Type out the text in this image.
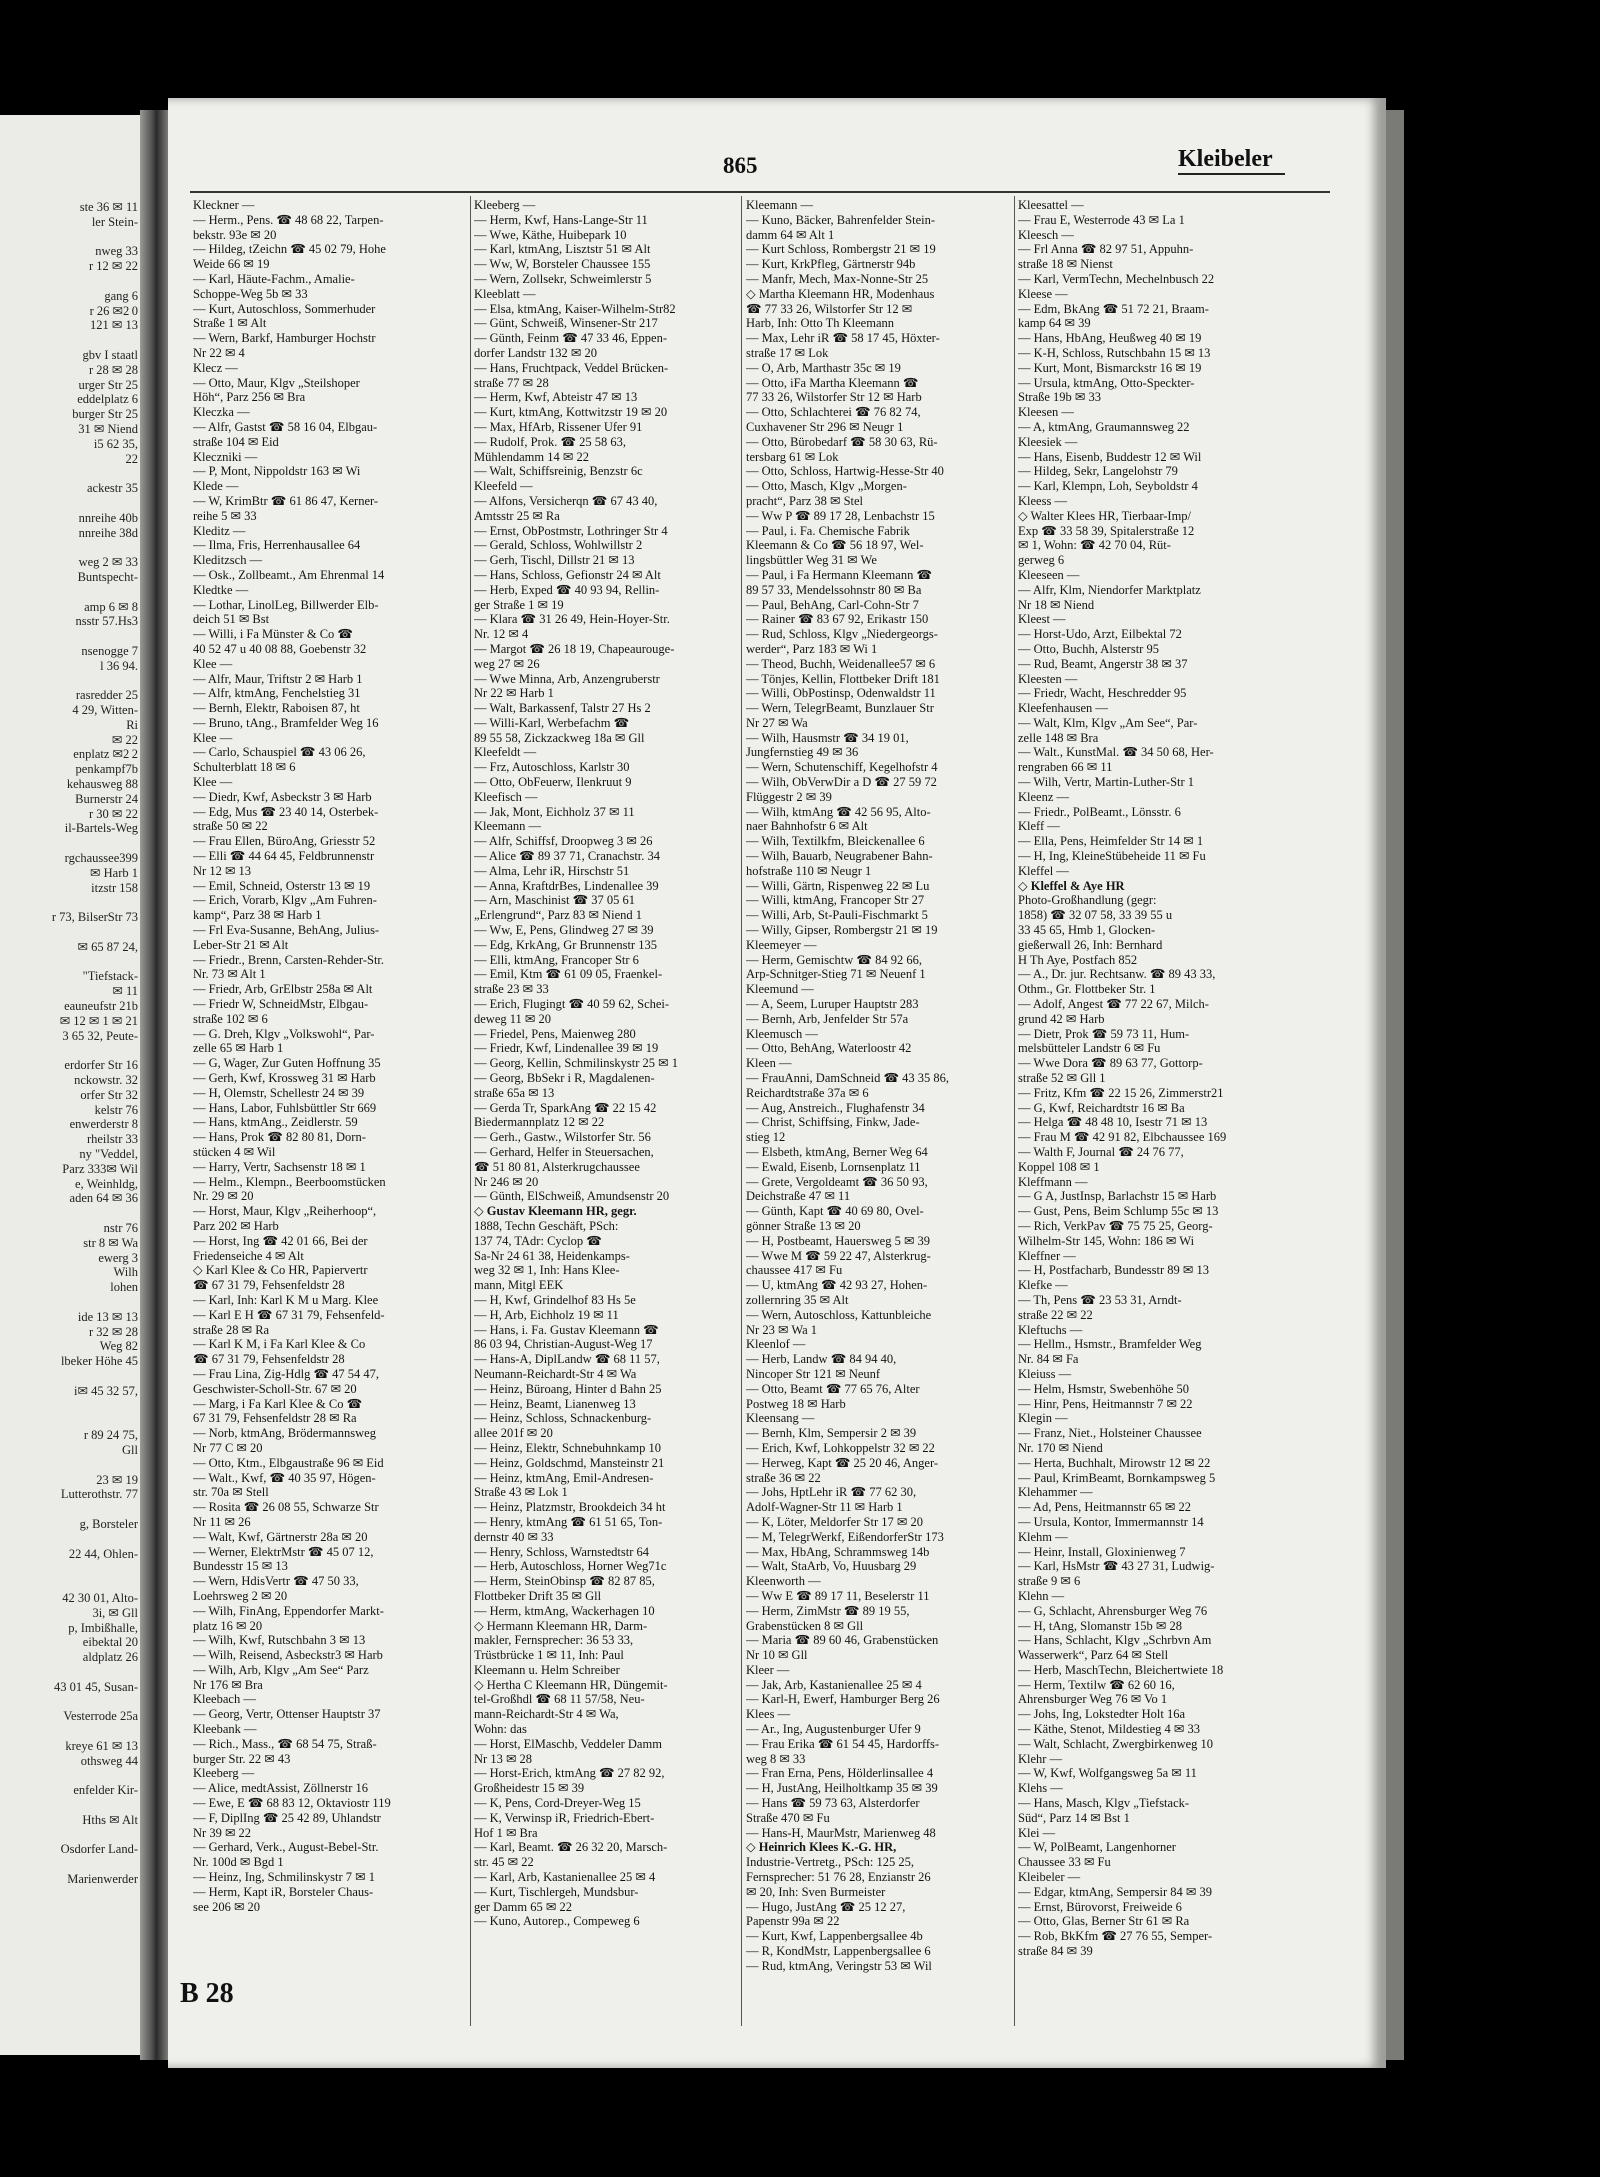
ste 36 ✉ 11
ler Stein-

nweg 33
r 12 ✉ 22

gang 6
r 26 ✉2 0
121 ✉ 13

gbv I staatl
r 28 ✉ 28
urger Str 25
eddelplatz 6
burger Str 25
31 ✉ Niend
i5 62 35,
22

ackestr 35

nnreihe 40b
nnreihe 38d

weg 2 ✉ 33
Buntspecht-

amp 6 ✉ 8
nsstr 57.Hs3

nsenogge 7
l 36 94.

rasredder 25
4 29, Witten-
Ri
✉ 22
enplatz ✉2 2
penkampf7b
kehausweg 88
Burnerstr 24
r 30 ✉ 22
il-Bartels-Weg

rgchaussee399
✉ Harb 1
itzstr 158

r 73, BilserStr 73

✉ 65 87 24,

"Tiefstack-
✉ 11
eauneufstr 21b
✉ 12 ✉ 1 ✉ 21
3 65 32, Peute-

erdorfer Str 16
nckowstr. 32
orfer Str 32
kelstr 76
enwerderstr 8
rheilstr 33
ny "Veddel,
Parz 333✉ Wil
e, Weinhldg,
aden 64 ✉ 36

nstr 76
str 8 ✉ Wa
ewerg 3
Wilh
lohen

ide 13 ✉ 13
r 32 ✉ 28
Weg 82
lbeker Höhe 45

i✉ 45 32 57,

r 89 24 75,
Gll

23 ✉ 19
Lutterothstr. 77

g, Borsteler

22 44, Ohlen-

42 30 01, Alto-
3i, ✉ Gll
p, Imbißhalle,
eibektal 20
aldplatz 26

43 01 45, Susan-

Vesterrode 25a

kreye 61 ✉ 13
othsweg 44

enfelder Kir-

Hths ✉ Alt

Osdorfer Land-

Marienwerder
865	Kleibeler
Kleckner —
— Herm., Pens. ☎ 48 68 22, Tarpen-
bekstr. 93e ✉ 20
— Hildeg, tZeichn ☎ 45 02 79, Hohe
Weide 66 ✉ 19
— Karl, Häute-Fachm., Amalie-
Schoppe-Weg 5b ✉ 33
— Kurt, Autoschloss, Sommerhuder
Straße 1 ✉ Alt
— Wern, Barkf, Hamburger Hochstr
Nr 22 ✉ 4
Klecz —
— Otto, Maur, Klgv „Steilshoper
Höh“, Parz 256 ✉ Bra
Kleczka —
— Alfr, Gastst ☎ 58 16 04, Elbgau-
straße 104 ✉ Eid
Kleczniki —
— P, Mont, Nippoldstr 163 ✉ Wi
Klede —
— W, KrimBtr ☎ 61 86 47, Kerner-
reihe 5 ✉ 33
Kleditz —
— Ilma, Fris, Herrenhausallee 64
Kleditzsch —
— Osk., Zollbeamt., Am Ehrenmal 14
Kledtke —
— Lothar, LinolLeg, Billwerder Elb-
deich 51 ✉ Bst
— Willi, i Fa Münster & Co ☎
40 52 47 u 40 08 88, Goebenstr 32
Klee —
— Alfr, Maur, Triftstr 2 ✉ Harb 1
— Alfr, ktmAng, Fenchelstieg 31
— Bernh, Elektr, Raboisen 87, ht
— Bruno, tAng., Bramfelder Weg 16
Klee —
— Carlo, Schauspiel ☎ 43 06 26,
Schulterblatt 18 ✉ 6
Klee —
— Diedr, Kwf, Asbeckstr 3 ✉ Harb
— Edg, Mus ☎ 23 40 14, Osterbek-
straße 50 ✉ 22
— Frau Ellen, BüroAng, Griesstr 52
— Elli ☎ 44 64 45, Feldbrunnenstr
Nr 12 ✉ 13
— Emil, Schneid, Osterstr 13 ✉ 19
— Erich, Vorarb, Klgv „Am Fuhren-
kamp“, Parz 38 ✉ Harb 1
— Frl Eva-Susanne, BehAng, Julius-
Leber-Str 21 ✉ Alt
— Friedr., Brenn, Carsten-Rehder-Str.
Nr. 73 ✉ Alt 1
— Friedr, Arb, GrElbstr 258a ✉ Alt
— Friedr W, SchneidMstr, Elbgau-
straße 102 ✉ 6
— G. Dreh, Klgv „Volkswohl“, Par-
zelle 65 ✉ Harb 1
— G, Wager, Zur Guten Hoffnung 35
— Gerh, Kwf, Krossweg 31 ✉ Harb
— H, Olemstr, Schellestr 24 ✉ 39
— Hans, Labor, Fuhlsbüttler Str 669
— Hans, ktmAng., Zeidlerstr. 59
— Hans, Prok ☎ 82 80 81, Dorn-
stücken 4 ✉ Wil
— Harry, Vertr, Sachsenstr 18 ✉ 1
— Helm., Klempn., Beerboomstücken
Nr. 29 ✉ 20
— Horst, Maur, Klgv „Reiherhoop“,
Parz 202 ✉ Harb
— Horst, Ing ☎ 42 01 66, Bei der
Friedenseiche 4 ✉ Alt
◇ Karl Klee & Co HR, Papiervertr
☎ 67 31 79, Fehsenfeldstr 28
— Karl, Inh: Karl K M u Marg. Klee
— Karl E H ☎ 67 31 79, Fehsenfeld-
straße 28 ✉ Ra
— Karl K M, i Fa Karl Klee & Co
☎ 67 31 79, Fehsenfeldstr 28
— Frau Lina, Zig-Hdlg ☎ 47 54 47,
Geschwister-Scholl-Str. 67 ✉ 20
— Marg, i Fa Karl Klee & Co ☎
67 31 79, Fehsenfeldstr 28 ✉ Ra
— Norb, ktmAng, Brödermannsweg
Nr 77 C ✉ 20
— Otto, Ktm., Elbgaustraße 96 ✉ Eid
— Walt., Kwf, ☎ 40 35 97, Högen-
str. 70a ✉ Stell
— Rosita ☎ 26 08 55, Schwarze Str
Nr 11 ✉ 26
— Walt, Kwf, Gärtnerstr 28a ✉ 20
— Werner, ElektrMstr ☎ 45 07 12,
Bundesstr 15 ✉ 13
— Wern, HdisVertr ☎ 47 50 33,
Loehrsweg 2 ✉ 20
— Wilh, FinAng, Eppendorfer Markt-
platz 16 ✉ 20
— Wilh, Kwf, Rutschbahn 3 ✉ 13
— Wilh, Reisend, Asbeckstr3 ✉ Harb
— Wilh, Arb, Klgv „Am See“ Parz
Nr 176 ✉ Bra
Kleebach —
— Georg, Vertr, Ottenser Hauptstr 37
Kleebank —
— Rich., Mass., ☎ 68 54 75, Straß-
burger Str. 22 ✉ 43
Kleeberg —
— Alice, medtAssist, Zöllnerstr 16
— Ewe, E ☎ 68 83 12, Oktaviostr 119
— F, DiplIng ☎ 25 42 89, Uhlandstr
Nr 39 ✉ 22
— Gerhard, Verk., August-Bebel-Str.
Nr. 100d ✉ Bgd 1
— Heinz, Ing, Schmilinskystr 7 ✉ 1
— Herm, Kapt iR, Borsteler Chaus-
see 206 ✉ 20
Kleeberg —
— Herm, Kwf, Hans-Lange-Str 11
— Wwe, Käthe, Huibepark 10
— Karl, ktmAng, Lisztstr 51 ✉ Alt
— Ww, W, Borsteler Chaussee 155
— Wern, Zollsekr, Schweimlerstr 5
Kleeblatt —
— Elsa, ktmAng, Kaiser-Wilhelm-Str82
— Günt, Schweiß, Winsener-Str 217
— Günth, Feinm ☎ 47 33 46, Eppen-
dorfer Landstr 132 ✉ 20
— Hans, Fruchtpack, Veddel Brücken-
straße 77 ✉ 28
— Herm, Kwf, Abteistr 47 ✉ 13
— Kurt, ktmAng, Kottwitzstr 19 ✉ 20
— Max, HfArb, Rissener Ufer 91
— Rudolf, Prok. ☎ 25 58 63,
Mühlendamm 14 ✉ 22
— Walt, Schiffsreinig, Benzstr 6c
Kleefeld —
— Alfons, Versicherqn ☎ 67 43 40,
Amtsstr 25 ✉ Ra
— Ernst, ObPostmstr, Lothringer Str 4
— Gerald, Schloss, Wohlwillstr 2
— Gerh, Tischl, Dillstr 21 ✉ 13
— Hans, Schloss, Gefionstr 24 ✉ Alt
— Herb, Exped ☎ 40 93 94, Rellin-
ger Straße 1 ✉ 19
— Klara ☎ 31 26 49, Hein-Hoyer-Str.
Nr. 12 ✉ 4
— Margot ☎ 26 18 19, Chapeaurouge-
weg 27 ✉ 26
— Wwe Minna, Arb, Anzengruberstr
Nr 22 ✉ Harb 1
— Walt, Barkassenf, Talstr 27 Hs 2
— Willi-Karl, Werbefachm ☎
89 55 58, Zickzackweg 18a ✉ Gll
Kleefeldt —
— Frz, Autoschloss, Karlstr 30
— Otto, ObFeuerw, Ilenkruut 9
Kleefisch —
— Jak, Mont, Eichholz 37 ✉ 11
Kleemann —
— Alfr, Schiffsf, Droopweg 3 ✉ 26
— Alice ☎ 89 37 71, Cranachstr. 34
— Alma, Lehr iR, Hirschstr 51
— Anna, KraftdrBes, Lindenallee 39
— Arn, Maschinist ☎ 37 05 61
„Erlengrund“, Parz 83 ✉ Niend 1
— Ww, E, Pens, Glindweg 27 ✉ 39
— Edg, KrkAng, Gr Brunnenstr 135
— Elli, ktmAng, Francoper Str 6
— Emil, Ktm ☎ 61 09 05, Fraenkel-
straße 23 ✉ 33
— Erich, Flugingt ☎ 40 59 62, Schei-
deweg 11 ✉ 20
— Friedel, Pens, Maienweg 280
— Friedr, Kwf, Lindenallee 39 ✉ 19
— Georg, Kellin, Schmilinskystr 25 ✉ 1
— Georg, BbSekr i R, Magdalenen-
straße 65a ✉ 13
— Gerda Tr, SparkAng ☎ 22 15 42
Biedermannplatz 12 ✉ 22
— Gerh., Gastw., Wilstorfer Str. 56
— Gerhard, Helfer in Steuersachen,
☎ 51 80 81, Alsterkrugchaussee
Nr 246 ✉ 20
— Günth, ElSchweiß, Amundsenstr 20
◇ Gustav Kleemann HR, gegr.
1888, Techn Geschäft, PSch:
137 74, TAdr: Cyclop ☎
Sa-Nr 24 61 38, Heidenkamps-
weg 32 ✉ 1, Inh: Hans Klee-
mann, Mitgl EEK
— H, Kwf, Grindelhof 83 Hs 5e
— H, Arb, Eichholz 19 ✉ 11
— Hans, i. Fa. Gustav Kleemann ☎
86 03 94, Christian-August-Weg 17
— Hans-A, DiplLandw ☎ 68 11 57,
Neumann-Reichardt-Str 4 ✉ Wa
— Heinz, Büroang, Hinter d Bahn 25
— Heinz, Beamt, Lianenweg 13
— Heinz, Schloss, Schnackenburg-
allee 201f ✉ 20
— Heinz, Elektr, Schnebuhnkamp 10
— Heinz, Goldschmd, Mansteinstr 21
— Heinz, ktmAng, Emil-Andresen-
Straße 43 ✉ Lok 1
— Heinz, Platzmstr, Brookdeich 34 ht
— Henry, ktmAng ☎ 61 51 65, Ton-
dernstr 40 ✉ 33
— Henry, Schloss, Warnstedtstr 64
— Herb, Autoschloss, Horner Weg71c
— Herm, SteinObinsp ☎ 82 87 85,
Flottbeker Drift 35 ✉ Gll
— Herm, ktmAng, Wackerhagen 10
◇ Hermann Kleemann HR, Darm-
makler, Fernsprecher: 36 53 33,
Trüstbrücke 1 ✉ 11, Inh: Paul
Kleemann u. Helm Schreiber
◇ Hertha C Kleemann HR, Düngemit-
tel-Großhdl ☎ 68 11 57/58, Neu-
mann-Reichardt-Str 4 ✉ Wa,
Wohn: das
— Horst, ElMaschb, Veddeler Damm
Nr 13 ✉ 28
— Horst-Erich, ktmAng ☎ 27 82 92,
Großheidestr 15 ✉ 39
— K, Pens, Cord-Dreyer-Weg 15
— K, Verwinsp iR, Friedrich-Ebert-
Hof 1 ✉ Bra
— Karl, Beamt. ☎ 26 32 20, Marsch-
str. 45 ✉ 22
— Karl, Arb, Kastanienallee 25 ✉ 4
— Kurt, Tischlergeh, Mundsbur-
ger Damm 65 ✉ 22
— Kuno, Autorep., Compeweg 6
Kleemann —
— Kuno, Bäcker, Bahrenfelder Stein-
damm 64 ✉ Alt 1
— Kurt Schloss, Rombergstr 21 ✉ 19
— Kurt, KrkPfleg, Gärtnerstr 94b
— Manfr, Mech, Max-Nonne-Str 25
◇ Martha Kleemann HR, Modenhaus
☎ 77 33 26, Wilstorfer Str 12 ✉
Harb, Inh: Otto Th Kleemann
— Max, Lehr iR ☎ 58 17 45, Höxter-
straße 17 ✉ Lok
— O, Arb, Marthastr 35c ✉ 19
— Otto, iFa Martha Kleemann ☎
77 33 26, Wilstorfer Str 12 ✉ Harb
— Otto, Schlachterei ☎ 76 82 74,
Cuxhavener Str 296 ✉ Neugr 1
— Otto, Bürobedarf ☎ 58 30 63, Rü-
tersbarg 61 ✉ Lok
— Otto, Schloss, Hartwig-Hesse-Str 40
— Otto, Masch, Klgv „Morgen-
pracht“, Parz 38 ✉ Stel
— Ww P ☎ 89 17 28, Lenbachstr 15
— Paul, i. Fa. Chemische Fabrik
Kleemann & Co ☎ 56 18 97, Wel-
lingsbüttler Weg 31 ✉ We
— Paul, i Fa Hermann Kleemann ☎
89 57 33, Mendelssohnstr 80 ✉ Ba
— Paul, BehAng, Carl-Cohn-Str 7
— Rainer ☎ 83 67 92, Erikastr 150
— Rud, Schloss, Klgv „Niedergeorgs-
werder“, Parz 183 ✉ Wi 1
— Theod, Buchh, Weidenallee57 ✉ 6
— Tönjes, Kellin, Flottbeker Drift 181
— Willi, ObPostinsp, Odenwaldstr 11
— Wern, TelegrBeamt, Bunzlauer Str
Nr 27 ✉ Wa
— Wilh, Hausmstr ☎ 34 19 01,
Jungfernstieg 49 ✉ 36
— Wern, Schutenschiff, Kegelhofstr 4
— Wilh, ObVerwDir a D ☎ 27 59 72
Flüggestr 2 ✉ 39
— Wilh, ktmAng ☎ 42 56 95, Alto-
naer Bahnhofstr 6 ✉ Alt
— Wilh, Textilkfm, Bleickenallee 6
— Wilh, Bauarb, Neugrabener Bahn-
hofstraße 110 ✉ Neugr 1
— Willi, Gärtn, Rispenweg 22 ✉ Lu
— Willi, ktmAng, Francoper Str 27
— Willi, Arb, St-Pauli-Fischmarkt 5
— Willy, Gipser, Rombergstr 21 ✉ 19
Kleemeyer —
— Herm, Gemischtw ☎ 84 92 66,
Arp-Schnitger-Stieg 71 ✉ Neuenf 1
Kleemund —
— A, Seem, Luruper Hauptstr 283
— Bernh, Arb, Jenfelder Str 57a
Kleemusch —
— Otto, BehAng, Waterloostr 42
Kleen —
— FrauAnni, DamSchneid ☎ 43 35 86,
Reichardtstraße 37a ✉ 6
— Aug, Anstreich., Flughafenstr 34
— Christ, Schiffsing, Finkw, Jade-
stieg 12
— Elsbeth, ktmAng, Berner Weg 64
— Ewald, Eisenb, Lornsenplatz 11
— Grete, Vergoldeamt ☎ 36 50 93,
Deichstraße 47 ✉ 11
— Günth, Kapt ☎ 40 69 80, Ovel-
gönner Straße 13 ✉ 20
— H, Postbeamt, Hauersweg 5 ✉ 39
— Wwe M ☎ 59 22 47, Alsterkrug-
chaussee 417 ✉ Fu
— U, ktmAng ☎ 42 93 27, Hohen-
zollernring 35 ✉ Alt
— Wern, Autoschloss, Kattunbleiche
Nr 23 ✉ Wa 1
Kleenlof —
— Herb, Landw ☎ 84 94 40,
Nincoper Str 121 ✉ Neunf
— Otto, Beamt ☎ 77 65 76, Alter
Postweg 18 ✉ Harb
Kleensang —
— Bernh, Klm, Sempersir 2 ✉ 39
— Erich, Kwf, Lohkoppelstr 32 ✉ 22
— Herweg, Kapt ☎ 25 20 46, Anger-
straße 36 ✉ 22
— Johs, HptLehr iR ☎ 77 62 30,
Adolf-Wagner-Str 11 ✉ Harb 1
— K, Löter, Meldorfer Str 17 ✉ 20
— M, TelegrWerkf, EißendorferStr 173
— Max, HbAng, Schrammsweg 14b
— Walt, StaArb, Vo, Huusbarg 29
Kleenworth —
— Ww E ☎ 89 17 11, Beselerstr 11
— Herm, ZimMstr ☎ 89 19 55,
Grabenstücken 8 ✉ Gll
— Maria ☎ 89 60 46, Grabenstücken
Nr 10 ✉ Gll
Kleer —
— Jak, Arb, Kastanienallee 25 ✉ 4
— Karl-H, Ewerf, Hamburger Berg 26
Klees —
— Ar., Ing, Augustenburger Ufer 9
— Frau Erika ☎ 61 54 45, Hardorffs-
weg 8 ✉ 33
— Fran Erna, Pens, Hölderlinsallee 4
— H, JustAng, Heilholtkamp 35 ✉ 39
— Hans ☎ 59 73 63, Alsterdorfer
Straße 470 ✉ Fu
— Hans-H, MaurMstr, Marienweg 48
◇ Heinrich Klees K.-G. HR,
Industrie-Vertretg., PSch: 125 25,
Fernsprecher: 51 76 28, Enzianstr 26
✉ 20, Inh: Sven Burmeister
— Hugo, JustAng ☎ 25 12 27,
Papenstr 99a ✉ 22
— Kurt, Kwf, Lappenbergsallee 4b
— R, KondMstr, Lappenbergsallee 6
— Rud, ktmAng, Veringstr 53 ✉ Wil
Kleesattel —
— Frau E, Westerrode 43 ✉ La 1
Kleesch —
— Frl Anna ☎ 82 97 51, Appuhn-
straße 18 ✉ Nienst
— Karl, VermTechn, Mechelnbusch 22
Kleese —
— Edm, BkAng ☎ 51 72 21, Braam-
kamp 64 ✉ 39
— Hans, HbAng, Heußweg 40 ✉ 19
— K-H, Schloss, Rutschbahn 15 ✉ 13
— Kurt, Mont, Bismarckstr 16 ✉ 19
— Ursula, ktmAng, Otto-Speckter-
Straße 19b ✉ 33
Kleesen —
— A, ktmAng, Graumannsweg 22
Kleesiek —
— Hans, Eisenb, Buddestr 12 ✉ Wil
— Hildeg, Sekr, Langelohstr 79
— Karl, Klempn, Loh, Seyboldstr 4
Kleess —
◇ Walter Klees HR, Tierbaar-Imp/
Exp ☎ 33 58 39, Spitalerstraße 12
✉ 1, Wohn: ☎ 42 70 04, Rüt-
gerweg 6
Kleeseen —
— Alfr, Klm, Niendorfer Marktplatz
Nr 18 ✉ Niend
Kleest —
— Horst-Udo, Arzt, Eilbektal 72
— Otto, Buchh, Alsterstr 95
— Rud, Beamt, Angerstr 38 ✉ 37
Kleesten —
— Friedr, Wacht, Heschredder 95
Kleefenhausen —
— Walt, Klm, Klgv „Am See“, Par-
zelle 148 ✉ Bra
— Walt., KunstMal. ☎ 34 50 68, Her-
rengraben 66 ✉ 11
— Wilh, Vertr, Martin-Luther-Str 1
Kleenz —
— Friedr., PolBeamt., Lönsstr. 6
Kleff —
— Ella, Pens, Heimfelder Str 14 ✉ 1
— H, Ing, KleineStübeheide 11 ✉ Fu
Kleffel —
◇ Kleffel & Aye HR
Photo-Großhandlung (gegr:
1858) ☎ 32 07 58, 33 39 55 u
33 45 65, Hmb 1, Glocken-
gießerwall 26, Inh: Bernhard
H Th Aye, Postfach 852
— A., Dr. jur. Rechtsanw. ☎ 89 43 33,
Othm., Gr. Flottbeker Str. 1
— Adolf, Angest ☎ 77 22 67, Milch-
grund 42 ✉ Harb
— Dietr, Prok ☎ 59 73 11, Hum-
melsbütteler Landstr 6 ✉ Fu
— Wwe Dora ☎ 89 63 77, Gottorp-
straße 52 ✉ Gll 1
— Fritz, Kfm ☎ 22 15 26, Zimmerstr21
— G, Kwf, Reichardtstr 16 ✉ Ba
— Helga ☎ 48 48 10, Isestr 71 ✉ 13
— Frau M ☎ 42 91 82, Elbchaussee 169
— Walth F, Journal ☎ 24 76 77,
Koppel 108 ✉ 1
Kleffmann —
— G A, JustInsp, Barlachstr 15 ✉ Harb
— Gust, Pens, Beim Schlump 55c ✉ 13
— Rich, VerkPav ☎ 75 75 25, Georg-
Wilhelm-Str 145, Wohn: 186 ✉ Wi
Kleffner —
— H, Postfacharb, Bundesstr 89 ✉ 13
Klefke —
— Th, Pens ☎ 23 53 31, Arndt-
straße 22 ✉ 22
Kleftuchs —
— Hellm., Hsmstr., Bramfelder Weg
Nr. 84 ✉ Fa
Kleiuss —
— Helm, Hsmstr, Swebenhöhe 50
— Hinr, Pens, Heitmannstr 7 ✉ 22
Klegin —
— Franz, Niet., Holsteiner Chaussee
Nr. 170 ✉ Niend
— Herta, Buchhalt, Mirowstr 12 ✉ 22
— Paul, KrimBeamt, Bornkampsweg 5
Klehammer —
— Ad, Pens, Heitmannstr 65 ✉ 22
— Ursula, Kontor, Immermannstr 14
Klehm —
— Heinr, Install, Gloxinienweg 7
— Karl, HsMstr ☎ 43 27 31, Ludwig-
straße 9 ✉ 6
Klehn —
— G, Schlacht, Ahrensburger Weg 76
— H, tAng, Slomanstr 15b ✉ 28
— Hans, Schlacht, Klgv „Schrbvn Am
Wasserwerk“, Parz 64 ✉ Stell
— Herb, MaschTechn, Bleichertwiete 18
— Herm, Textilw ☎ 62 60 16,
Ahrensburger Weg 76 ✉ Vo 1
— Johs, Ing, Lokstedter Holt 16a
— Käthe, Stenot, Mildestieg 4 ✉ 33
— Walt, Schlacht, Zwergbirkenweg 10
Klehr —
— W, Kwf, Wolfgangsweg 5a ✉ 11
Klehs —
— Hans, Masch, Klgv „Tiefstack-
Süd“, Parz 14 ✉ Bst 1
Klei —
— W, PolBeamt, Langenhorner
Chaussee 33 ✉ Fu
Kleibeler —
— Edgar, ktmAng, Sempersir 84 ✉ 39
— Ernst, Bürovorst, Freiweide 6
— Otto, Glas, Berner Str 61 ✉ Ra
— Rob, BkKfm ☎ 27 76 55, Semper-
straße 84 ✉ 39
B 28
